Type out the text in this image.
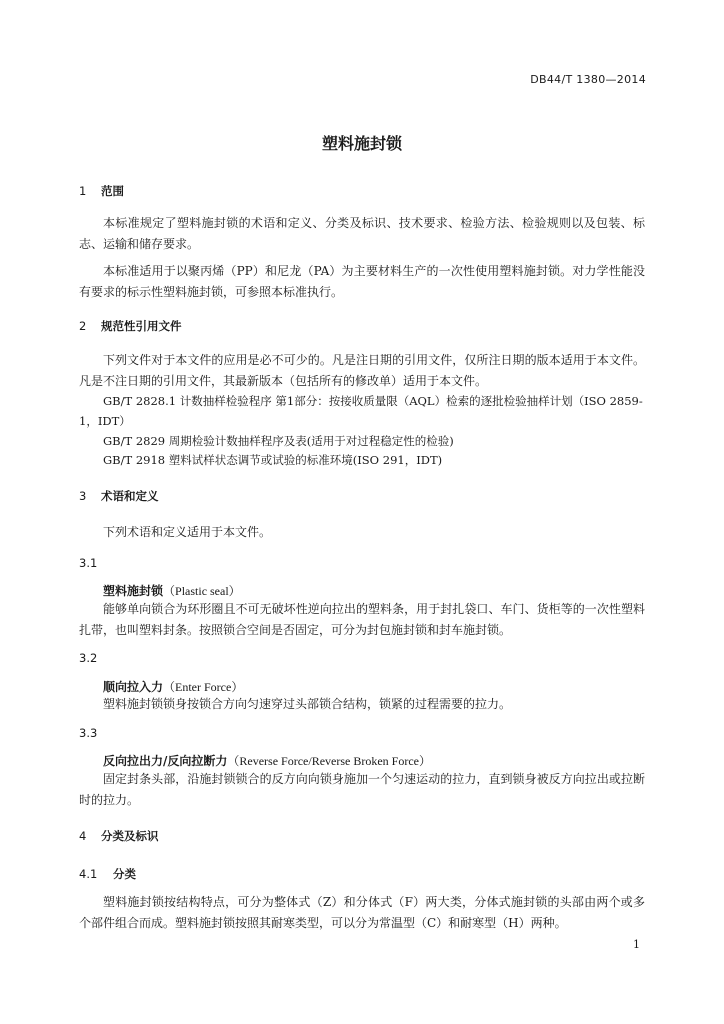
DB44/T 1380—2014
塑料施封锁
1 范围

本标准规定了塑料施封锁的术语和定义、分类及标识、技术要求、检验方法、检验规则以及包装、标志、运输和储存要求。

本标准适用于以聚丙烯（PP）和尼龙（PA）为主要材料生产的一次性使用塑料施封锁。对力学性能没有要求的标示性塑料施封锁，可参照本标准执行。

2 规范性引用文件

下列文件对于本文件的应用是必不可少的。凡是注日期的引用文件，仅所注日期的版本适用于本文件。凡是不注日期的引用文件，其最新版本（包括所有的修改单）适用于本文件。

GB/T 2828.1 计数抽样检验程序 第1部分：按接收质量限（AQL）检索的逐批检验抽样计划（ISO 2859-1，IDT）

GB/T 2829 周期检验计数抽样程序及表(适用于对过程稳定性的检验)

GB/T 2918 塑料试样状态调节或试验的标准环境(ISO 291，IDT)

3 术语和定义

下列术语和定义适用于本文件。

3.1
塑料施封锁（Plastic seal）

能够单向锁合为环形圈且不可无破坏性逆向拉出的塑料条，用于封扎袋口、车门、货柜等的一次性塑料扎带，也叫塑料封条。按照锁合空间是否固定，可分为封包施封锁和封车施封锁。

3.2
顺向拉入力（Enter Force）

塑料施封锁锁身按锁合方向匀速穿过头部锁合结构，锁紧的过程需要的拉力。

3.3
反向拉出力/反向拉断力（Reverse Force/Reverse Broken Force）

固定封条头部，沿施封锁锁合的反方向向锁身施加一个匀速运动的拉力，直到锁身被反方向拉出或拉断时的拉力。

4 分类及标识
4.1 分类

塑料施封锁按结构特点，可分为整体式（Z）和分体式（F）两大类，分体式施封锁的头部由两个或多个部件组合而成。塑料施封锁按照其耐寒类型，可以分为常温型（C）和耐寒型（H）两种。

1
